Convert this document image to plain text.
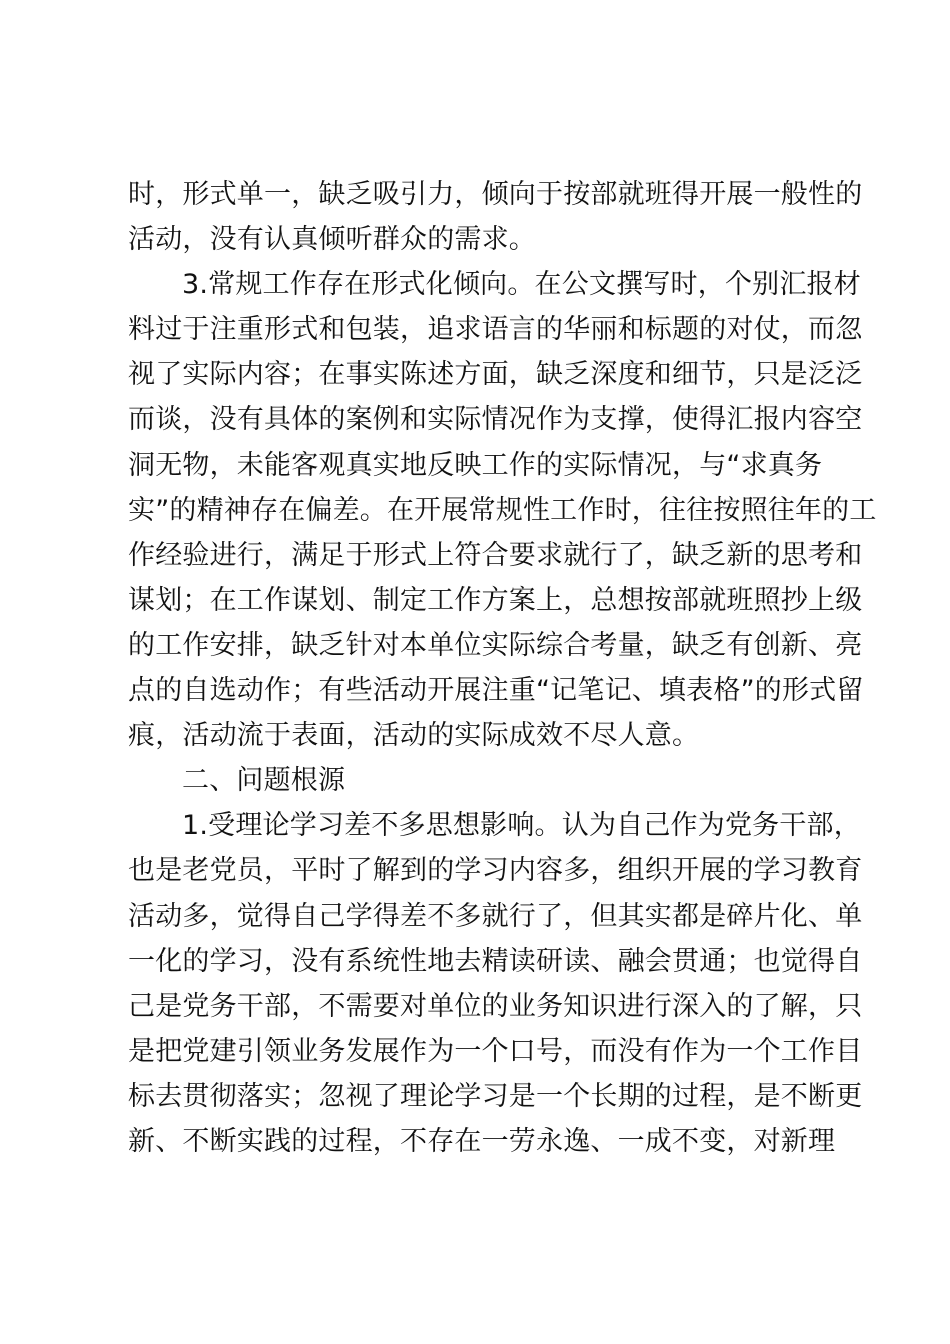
时，形式单一，缺乏吸引力，倾向于按部就班得开展一般性的
活动，没有认真倾听群众的需求。
3.常规工作存在形式化倾向。在公文撰写时，个别汇报材
料过于注重形式和包装，追求语言的华丽和标题的对仗，而忽
视了实际内容；在事实陈述方面，缺乏深度和细节，只是泛泛
而谈，没有具体的案例和实际情况作为支撑，使得汇报内容空
洞无物，未能客观真实地反映工作的实际情况，与“求真务
实”的精神存在偏差。在开展常规性工作时，往往按照往年的工
作经验进行，满足于形式上符合要求就行了，缺乏新的思考和
谋划；在工作谋划、制定工作方案上，总想按部就班照抄上级
的工作安排，缺乏针对本单位实际综合考量，缺乏有创新、亮
点的自选动作；有些活动开展注重“记笔记、填表格”的形式留
痕，活动流于表面，活动的实际成效不尽人意。
二、问题根源
1.受理论学习差不多思想影响。认为自己作为党务干部，
也是老党员，平时了解到的学习内容多，组织开展的学习教育
活动多，觉得自己学得差不多就行了，但其实都是碎片化、单
一化的学习，没有系统性地去精读研读、融会贯通；也觉得自
己是党务干部，不需要对单位的业务知识进行深入的了解，只
是把党建引领业务发展作为一个口号，而没有作为一个工作目
标去贯彻落实；忽视了理论学习是一个长期的过程，是不断更
新、不断实践的过程，不存在一劳永逸、一成不变，对新理
